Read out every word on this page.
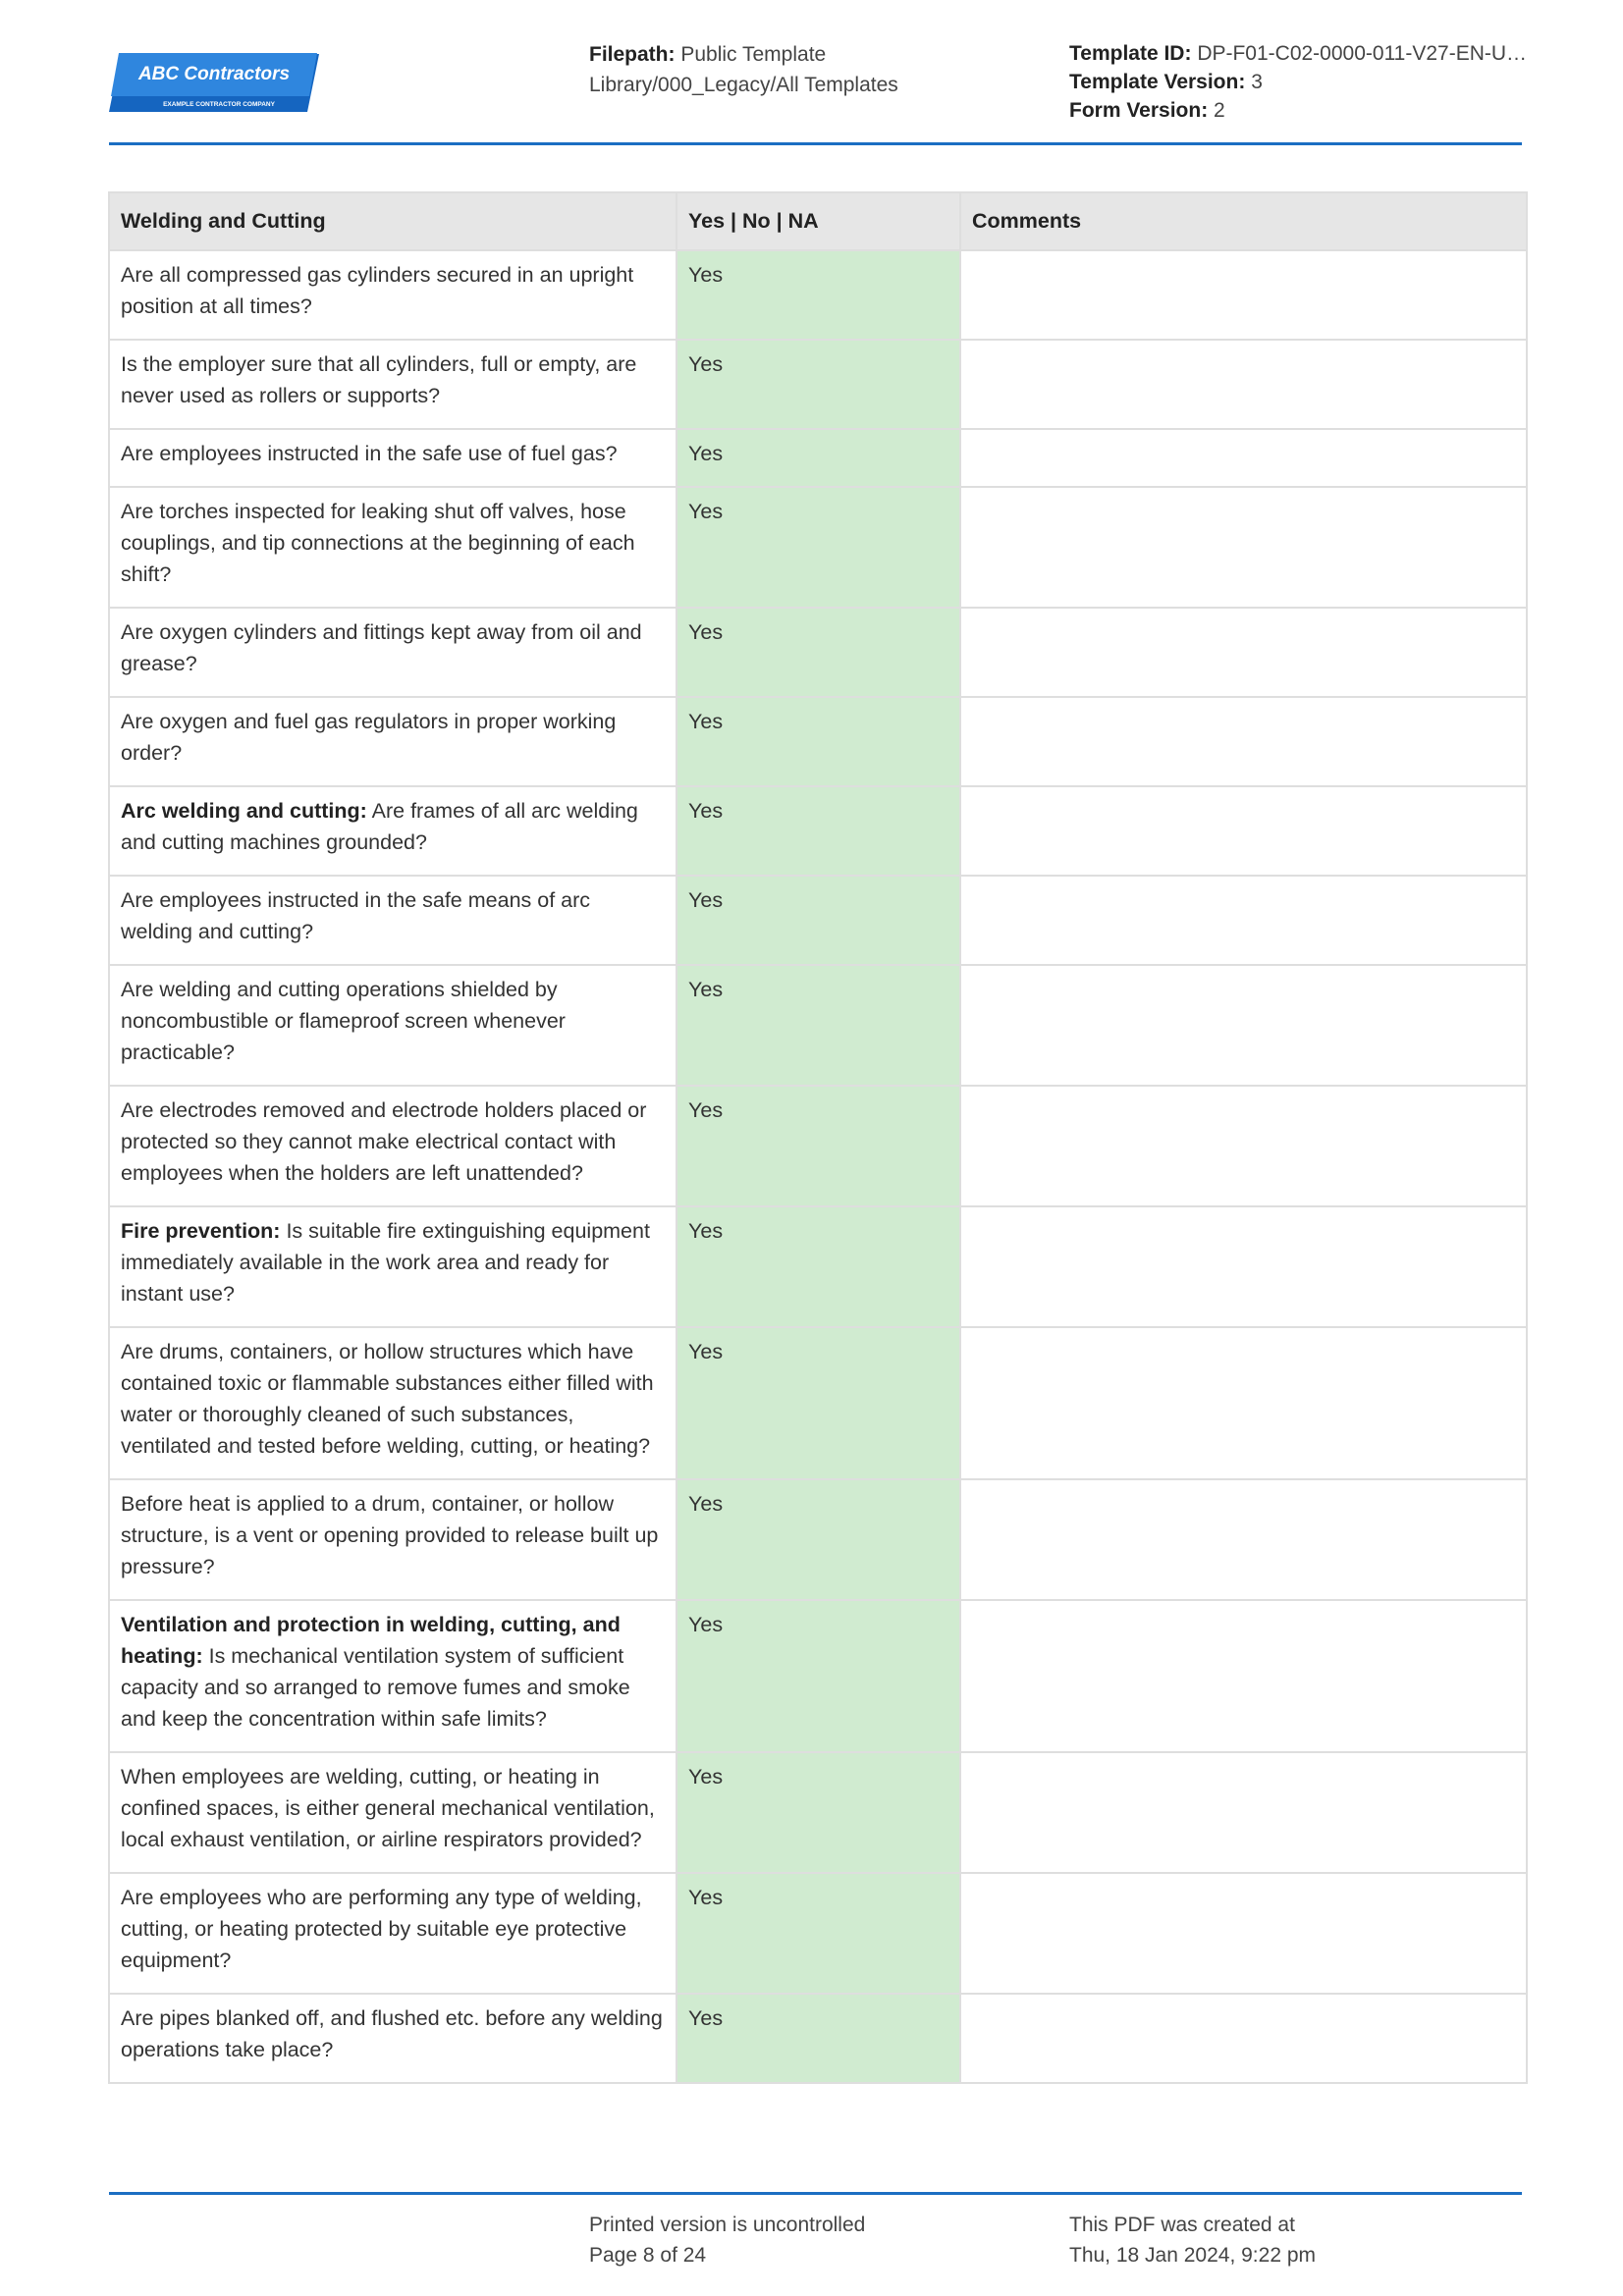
ABC Contractors
EXAMPLE CONTRACTOR COMPANY
Filepath: Public Template Library/000_Legacy/All Templates
Template ID: DP-F01-C02-0000-011-V27-EN-U…
Template Version: 3
Form Version: 2
Welding and Cutting	Yes | No | NA	Comments
Are all compressed gas cylinders secured in an upright position at all times?	Yes	
Is the employer sure that all cylinders, full or empty, are never used as rollers or supports?	Yes	
Are employees instructed in the safe use of fuel gas?	Yes	
Are torches inspected for leaking shut off valves, hose couplings, and tip connections at the beginning of each shift?	Yes	
Are oxygen cylinders and fittings kept away from oil and grease?	Yes	
Are oxygen and fuel gas regulators in proper working order?	Yes	
Arc welding and cutting: Are frames of all arc welding and cutting machines grounded?	Yes	
Are employees instructed in the safe means of arc welding and cutting?	Yes	
Are welding and cutting operations shielded by noncombustible or flameproof screen whenever practicable?	Yes	
Are electrodes removed and electrode holders placed or protected so they cannot make electrical contact with employees when the holders are left unattended?	Yes	
Fire prevention: Is suitable fire extinguishing equipment immediately available in the work area and ready for instant use?	Yes	
Are drums, containers, or hollow structures which have contained toxic or flammable substances either filled with water or thoroughly cleaned of such substances, ventilated and tested before welding, cutting, or heating?	Yes	
Before heat is applied to a drum, container, or hollow structure, is a vent or opening provided to release built up pressure?	Yes	
Ventilation and protection in welding, cutting, and heating: Is mechanical ventilation system of sufficient capacity and so arranged to remove fumes and smoke and keep the concentration within safe limits?	Yes	
When employees are welding, cutting, or heating in confined spaces, is either general mechanical ventilation, local exhaust ventilation, or airline respirators provided?	Yes	
Are employees who are performing any type of welding, cutting, or heating protected by suitable eye protective equipment?	Yes	
Are pipes blanked off, and flushed etc. before any welding operations take place?	Yes	
Printed version is uncontrolled
Page 8 of 24
This PDF was created at
Thu, 18 Jan 2024, 9:22 pm
